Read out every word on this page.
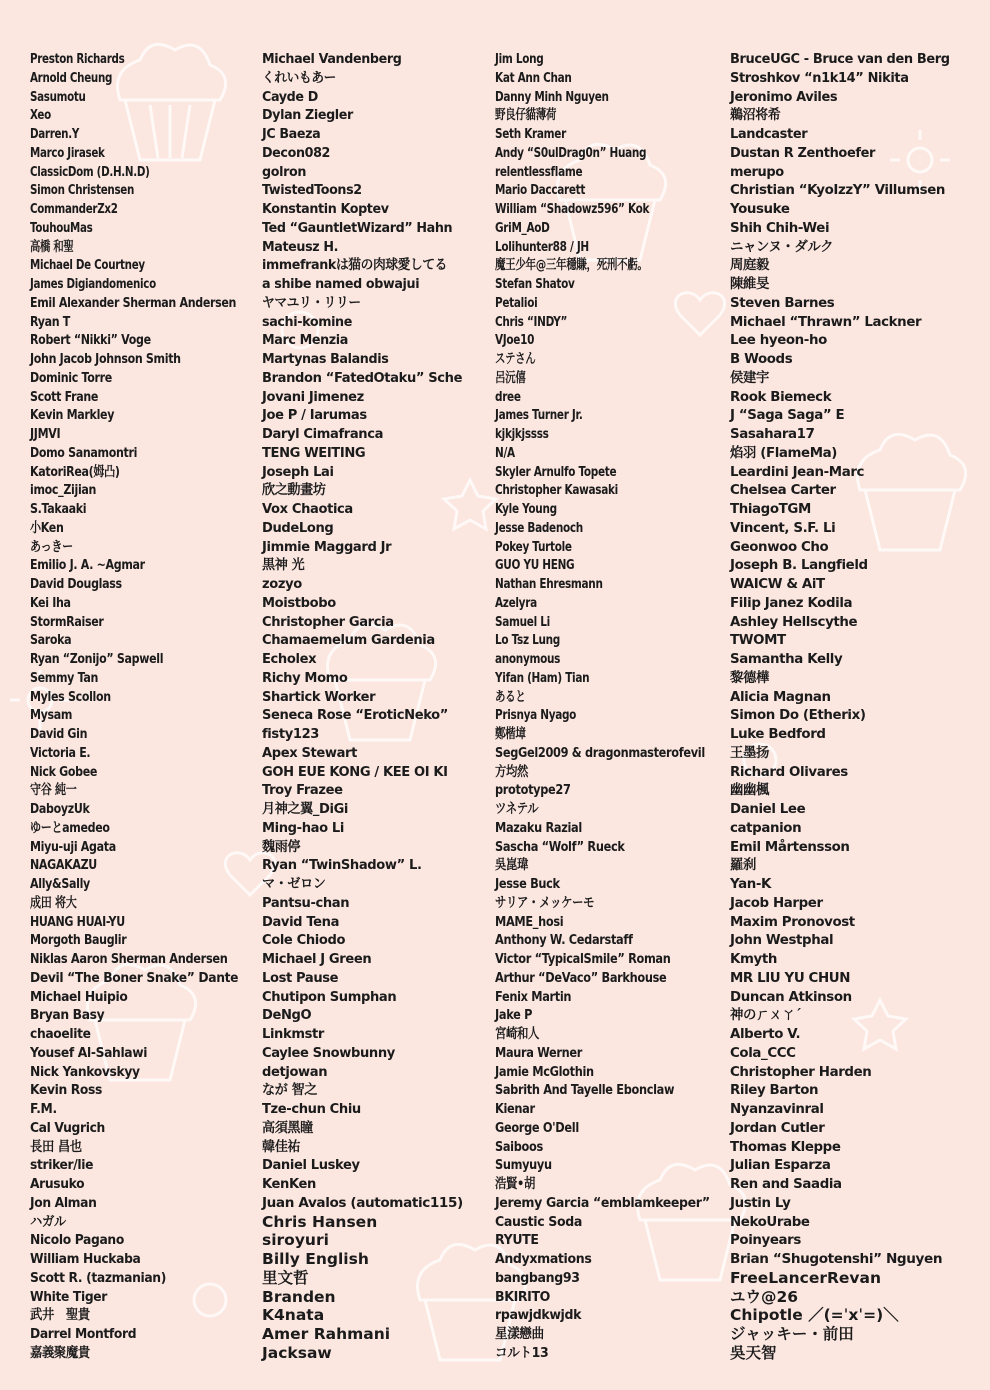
Preston Richards
Arnold Cheung
Sasumotu
Xeo
Darren.Y
Marco Jirasek
ClassicDom (D.H.N.D)
Simon Christensen
CommanderZx2
TouhouMas
高橋 和聖
Michael De Courtney
James Digiandomenico
Emil Alexander Sherman Andersen
Ryan T
Robert “Nikki” Voge
John Jacob Johnson Smith
Dominic Torre
Scott Frane
Kevin Markley
JJMVI
Domo Sanamontri
KatoriRea(姆凸)
imoc_Zijian
S.Takaaki
小Ken
あっきー
Emilio J. A. ~Agmar
David Douglass
Kei Iha
StormRaiser
Saroka
Ryan “Zonijo” Sapwell
Semmy Tan
Myles Scollon
Mysam
David Gin
Victoria E.
Nick Gobee
守谷 純一
DaboyzUk
ゆーとamedeo
Miyu-uji Agata
NAGAKAZU
Ally&Sally
成田 将大
HUANG HUAI-YU
Morgoth Bauglir
Niklas Aaron Sherman Andersen
Devil “The Boner Snake” Dante
Michael Huipio
Bryan Basy
chaoelite
Yousef Al-Sahlawi
Nick Yankovskyy
Kevin Ross
F.M.
Cal Vugrich
長田 昌也
striker/lie
Arusuko
Jon Alman
ハガル
Nicolo Pagano
William Huckaba
Scott R. (tazmanian)
White Tiger
武井　聖貴
Darrel Montford
嘉義聚魔貴
Michael Vandenberg
くれいもあー
Cayde D
Dylan Ziegler
JC Baeza
Decon082
golron
TwistedToons2
Konstantin Koptev
Ted “GauntletWizard” Hahn
Mateusz H.
immefrankは猫の肉球愛してる
a shibe named obwajui
ヤマユリ・リリー
sachi-komine
Marc Menzia
Martynas Balandis
Brandon “FatedOtaku” Sche
Jovani Jimenez
Joe P / Iarumas
Daryl Cimafranca
TENG WEITING
Joseph Lai
欣之動畫坊
Vox Chaotica
DudeLong
Jimmie Maggard Jr
黒神 光
zozyo
Moistbobo
Christopher Garcia
Chamaemelum Gardenia
Echolex
Richy Momo
Shartick Worker
Seneca Rose “EroticNeko”
fisty123
Apex Stewart
GOH EUE KONG / KEE OI KI
Troy Frazee
月神之翼_DiGi
Ming-hao Li
魏雨停
Ryan “TwinShadow” L.
マ・ゼロン
Pantsu-chan
David Tena
Cole Chiodo
Michael J Green
Lost Pause
Chutipon Sumphan
DeNgO
Linkmstr
Caylee Snowbunny
detjowan
なが 智之
Tze-chun Chiu
高須黑瞳
韓佳祐
Daniel Luskey
KenKen
Juan Avalos (automatic115)
Chris Hansen
siroyuri
Billy English
里文哲
Branden
K4nata
Amer Rahmani
Jacksaw
Jim Long
Kat Ann Chan
Danny Minh Nguyen
野良仔貓薄荷
Seth Kramer
Andy “S0ulDrag0n” Huang
relentlessflame
Mario Daccarett
William “Shadowz596” Kok
GriM_AoD
Lolihunter88 / JH
魔王少年@三年穩賺，死刑不虧。
Stefan Shatov
Petalioi
Chris “INDY”
VJoe10
ステさん
呂沅僖
dree
James Turner Jr.
kjkjkjssss
N/A
Skyler Arnulfo Topete
Christopher Kawasaki
Kyle Young
Jesse Badenoch
Pokey Turtole
GUO YU HENG
Nathan Ehresmann
Azelyra
Samuel Li
Lo Tsz Lung
anonymous
Yifan (Ham) Tian
あると
Prisnya Nyago
鄭楷墇
SegGel2009 & dragonmasterofevil
方均然
prototype27
ツネテル
Mazaku Razial
Sascha “Wolf” Rueck
吳崑瑋
Jesse Buck
サリア・メッケーモ
MAME_hosi
Anthony W. Cedarstaff
Victor “TypicalSmile” Roman
Arthur “DeVaco” Barkhouse
Fenix Martin
Jake P
宮崎和人
Maura Werner
Jamie McGlothin
Sabrith And Tayelle Ebonclaw
Kienar
George O'Dell
Saiboos
Sumyuyu
浩賢•胡
Jeremy Garcia “emblamkeeper”
Caustic Soda
RYUTE
Andyxmations
bangbang93
BKIRITO
rpawjdkwjdk
星漾戀曲
コルト13
BruceUGC - Bruce van den Berg
Stroshkov “n1k14” Nikita
Jeronimo Aviles
鵜沼将希
Landcaster
Dustan R Zenthoefer
merupo
Christian “KyoIzzY” Villumsen
Yousuke
Shih Chih-Wei
ニャンヌ・ダルク
周庭毅
陳維旻
Steven Barnes
Michael “Thrawn” Lackner
Lee hyeon-ho
B Woods
侯建宇
Rook Biemeck
J “Saga Saga” E
Sasahara17
焰羽 (FlameMa)
Leardini Jean-Marc
Chelsea Carter
ThiagoTGM
Vincent, S.F. Li
Geonwoo Cho
Joseph B. Langfield
WAICW & AiT
Filip Janez Kodila
Ashley Hellscythe
TWOMT
Samantha Kelly
黎德樺
Alicia Magnan
Simon Do (Etherix)
Luke Bedford
王墨扬
Richard Olivares
幽幽楓
Daniel Lee
catpanion
Emil Mårtensson
羅刹
Yan-K
Jacob Harper
Maxim Pronovost
John Westphal
Kmyth
MR LIU YU CHUN
Duncan Atkinson
神のㄏㄨㄚˊ
Alberto V.
Cola_CCC
Christopher Harden
Riley Barton
Nyanzavinral
Jordan Cutler
Thomas Kleppe
Julian Esparza
Ren and Saadia
Justin Ly
NekoUrabe
Poinyears
Brian “Shugotenshi” Nguyen
FreeLancerRevan
ユウ@26
Chipotle ／(=ˈxˈ=)＼
ジャッキー・前田
吳天智
